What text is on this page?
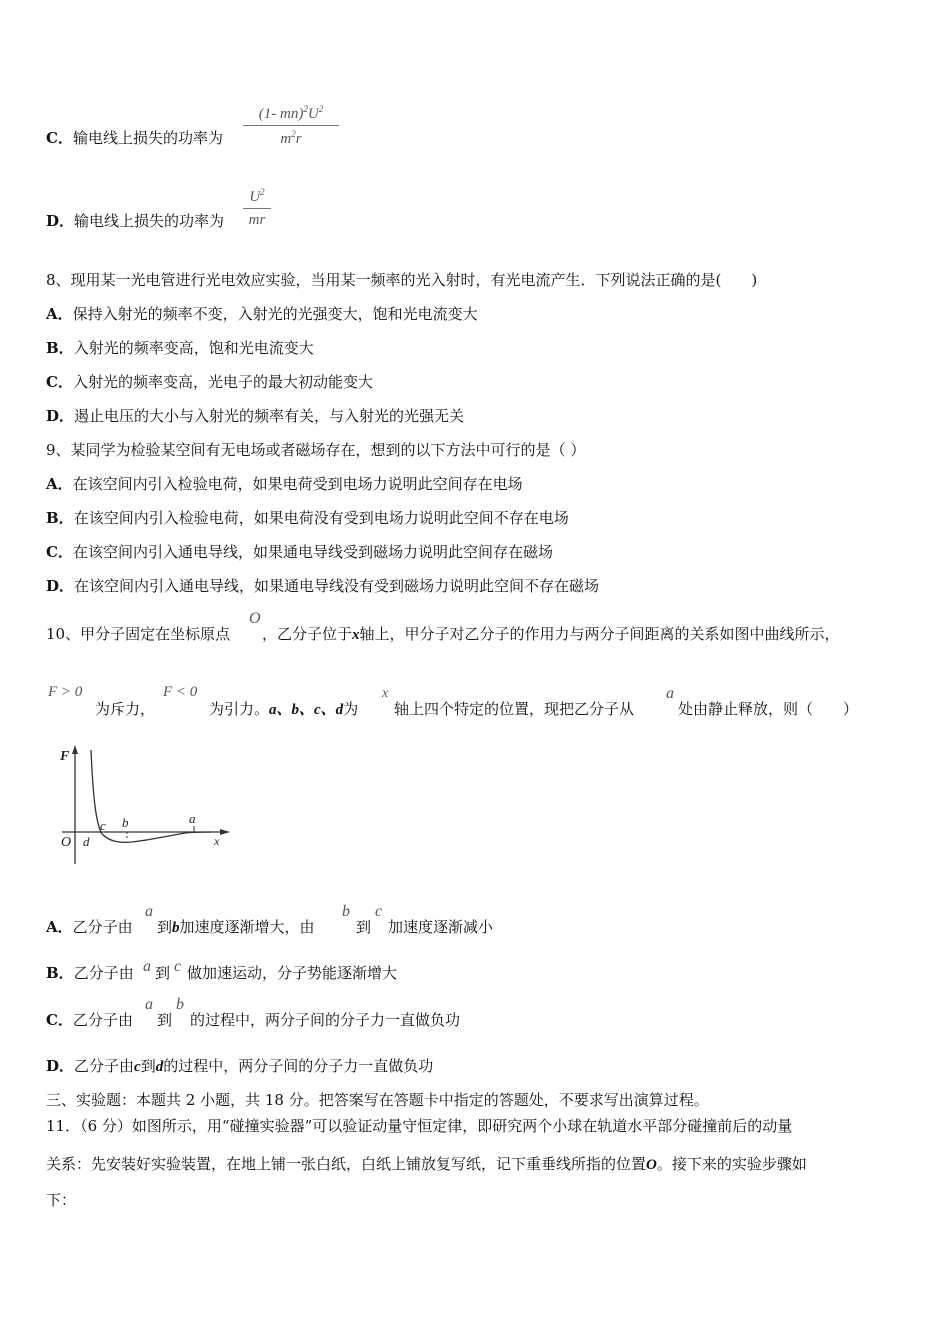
C．输电线上损失的功率为
(1- $mn)^2U^2$
$m^2r$
D．输电线上损失的功率为
$U^2$
mr
8、现用某一光电管进行光电效应实验，当用某一频率的光入射时，有光电流产生．下列说法正确的是(　　)
A．保持入射光的频率不变，入射光的光强变大，饱和光电流变大
B．入射光的频率变高，饱和光电流变大
C．入射光的频率变高，光电子的最大初动能变大
D．遏止电压的大小与入射光的频率有关，与入射光的光强无关
9、某同学为检验某空间有无电场或者磁场存在，想到的以下方法中可行的是（ ）
A．在该空间内引入检验电荷，如果电荷受到电场力说明此空间存在电场
B．在该空间内引入检验电荷，如果电荷没有受到电场力说明此空间不存在电场
C．在该空间内引入通电导线，如果通电导线受到磁场力说明此空间存在磁场
D．在该空间内引入通电导线，如果通电导线没有受到磁场力说明此空间不存在磁场
10、甲分子固定在坐标原点
O
，乙分子位于x轴上，甲分子对乙分子的作用力与两分子间距离的关系如图中曲线所示，
F > 0
为斥力，
F < 0
为引力。a、b、c、d为
x
轴上四个特定的位置，现把乙分子从
a
处由静止释放，则（　　）
F
O d
c b	a
x
A．乙分子由
a
到b加速度逐渐增大，由
b
到
c
加速度逐渐减小
B．乙分子由 a 到 c 做加速运动，分子势能逐渐增大
C．乙分子由
a
到
b
的过程中，两分子间的分子力一直做负功
D．乙分子由c到d的过程中，两分子间的分子力一直做负功
三、实验题：本题共 2 小题，共 18 分。把答案写在答题卡中指定的答题处，不要求写出演算过程。
11．（6 分）如图所示，用“碰撞实验器”可以验证动量守恒定律，即研究两个小球在轨道水平部分碰撞前后的动量
关系：先安装好实验装置，在地上铺一张白纸，白纸上铺放复写纸，记下重垂线所指的位置O。接下来的实验步骤如
下：
